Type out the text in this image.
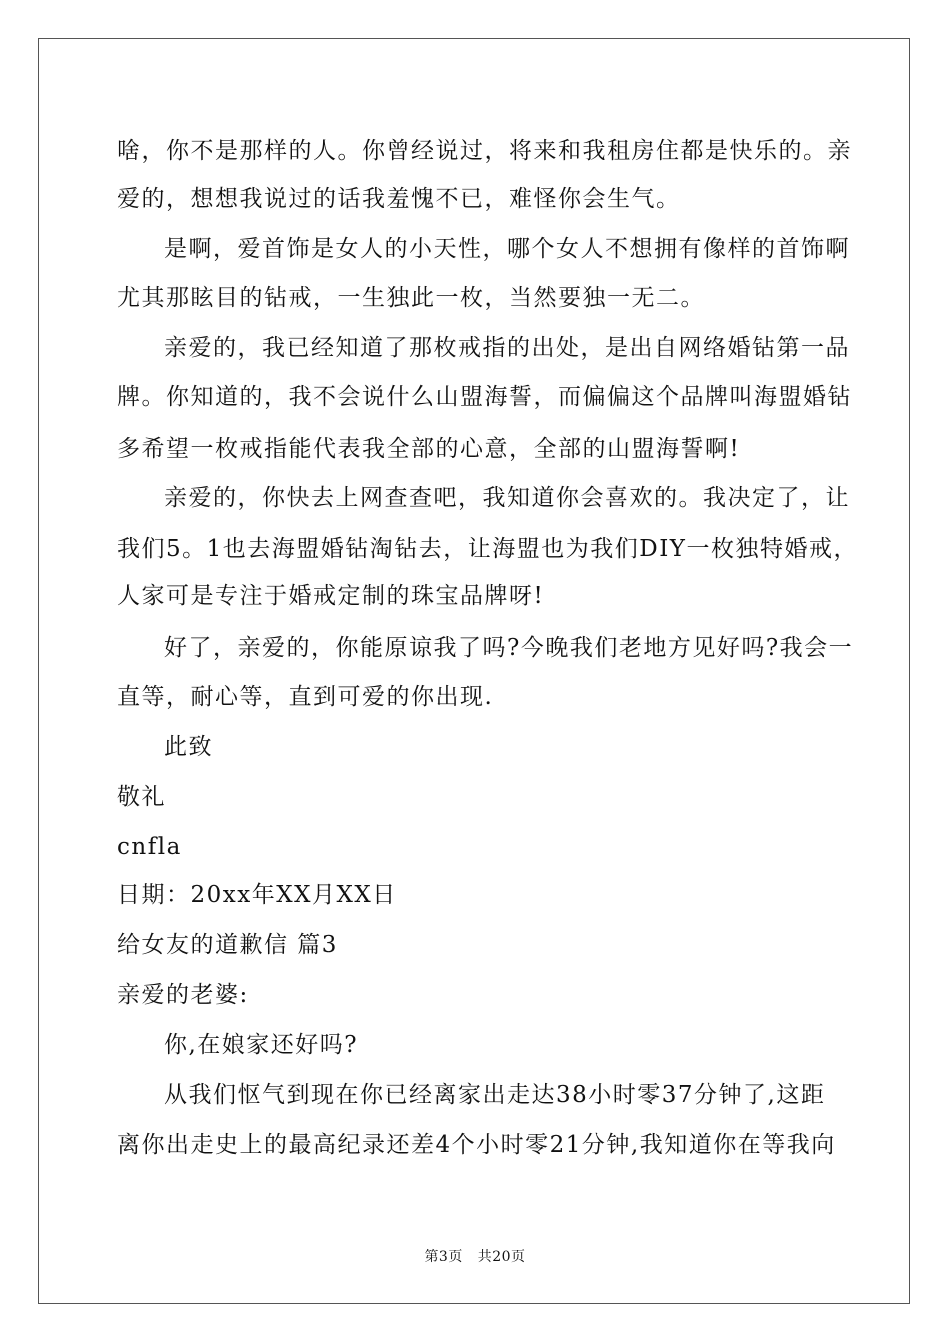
啥，你不是那样的人。你曾经说过，将来和我租房住都是快乐的。亲
爱的，想想我说过的话我羞愧不已，难怪你会生气。
是啊，爱首饰是女人的小天性，哪个女人不想拥有像样的首饰啊
尤其那眩目的钻戒，一生独此一枚，当然要独一无二。
亲爱的，我已经知道了那枚戒指的出处，是出自网络婚钻第一品
牌。你知道的，我不会说什么山盟海誓，而偏偏这个品牌叫海盟婚钻
多希望一枚戒指能代表我全部的心意，全部的山盟海誓啊!
亲爱的，你快去上网查查吧，我知道你会喜欢的。我决定了，让
我们5。1也去海盟婚钻淘钻去，让海盟也为我们DIY一枚独特婚戒，
人家可是专注于婚戒定制的珠宝品牌呀!
好了，亲爱的，你能原谅我了吗?今晚我们老地方见好吗?我会一
直等，耐心等，直到可爱的你出现.
此致
敬礼
cnfla
日期：20xx年XX月XX日
给女友的道歉信 篇3
亲爱的老婆:
你,在娘家还好吗?
从我们怄气到现在你已经离家出走达38小时零37分钟了,这距
离你出走史上的最高纪录还差4个小时零21分钟,我知道你在等我向
第3页 共20页
